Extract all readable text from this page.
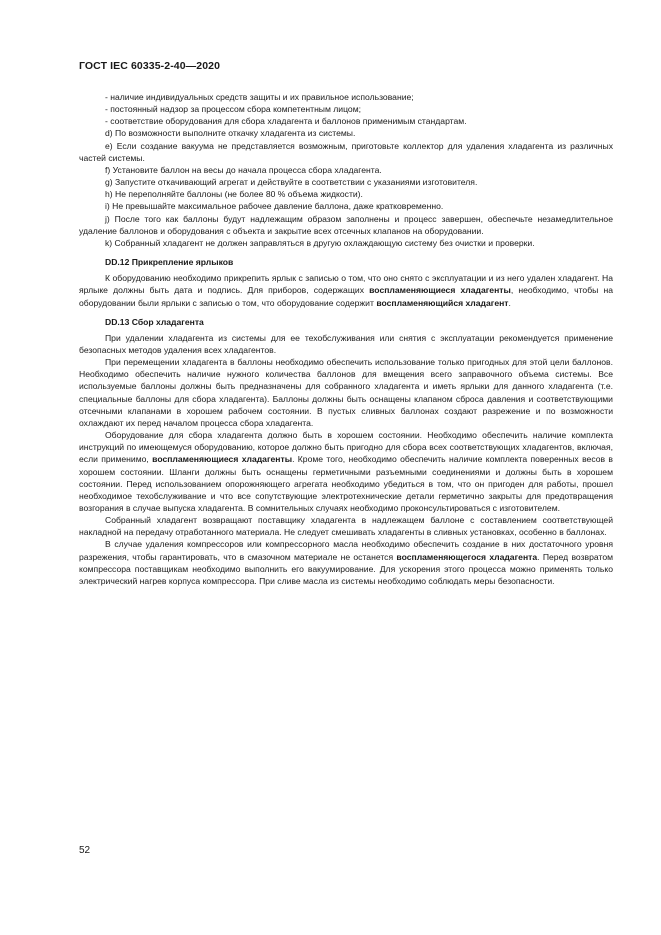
ГОСТ IEC 60335-2-40—2020

- наличие индивидуальных средств защиты и их правильное использование;

- постоянный надзор за процессом сбора компетентным лицом;

- соответствие оборудования для сбора хладагента и баллонов применимым стандартам.

d) По возможности выполните откачку хладагента из системы.

e) Если создание вакуума не представляется возможным, приготовьте коллектор для удаления хладагента из различных частей системы.

f) Установите баллон на весы до начала процесса сбора хладагента.

g) Запустите откачивающий агрегат и действуйте в соответствии с указаниями изготовителя.

h) Не переполняйте баллоны (не более 80 % объема жидкости).

i) Не превышайте максимальное рабочее давление баллона, даже кратковременно.

j) После того как баллоны будут надлежащим образом заполнены и процесс завершен, обеспечьте незамедлительное удаление баллонов и оборудования с объекта и закрытие всех отсечных клапанов на оборудовании.

k) Собранный хладагент не должен заправляться в другую охлаждающую систему без очистки и проверки.

DD.12 Прикрепление ярлыков

К оборудованию необходимо прикрепить ярлык с записью о том, что оно снято с эксплуатации и из него удален хладагент. На ярлыке должны быть дата и подпись. Для приборов, содержащих воспламеняющиеся хладагенты, необходимо, чтобы на оборудовании были ярлыки с записью о том, что оборудование содержит воспламеняющийся хладагент.

DD.13 Сбор хладагента

При удалении хладагента из системы для ее техобслуживания или снятия с эксплуатации рекомендуется применение безопасных методов удаления всех хладагентов.

При перемещении хладагента в баллоны необходимо обеспечить использование только пригодных для этой цели баллонов. Необходимо обеспечить наличие нужного количества баллонов для вмещения всего заправочного объема системы. Все используемые баллоны должны быть предназначены для собранного хладагента и иметь ярлыки для данного хладагента (т.е. специальные баллоны для сбора хладагента). Баллоны должны быть оснащены клапаном сброса давления и соответствующими отсечными клапанами в хорошем рабочем состоянии. В пустых сливных баллонах создают разрежение и по возможности охлаждают их перед началом процесса сбора хладагента.

Оборудование для сбора хладагента должно быть в хорошем состоянии. Необходимо обеспечить наличие комплекта инструкций по имеющемуся оборудованию, которое должно быть пригодно для сбора всех соответствующих хладагентов, включая, если применимо, воспламеняющиеся хладагенты. Кроме того, необходимо обеспечить наличие комплекта поверенных весов в хорошем состоянии. Шланги должны быть оснащены герметичными разъемными соединениями и должны быть в хорошем состоянии. Перед использованием опорожняющего агрегата необходимо убедиться в том, что он пригоден для работы, прошел необходимое техобслуживание и что все сопутствующие электротехнические детали герметично закрыты для предотвращения возгорания в случае выпуска хладагента. В сомнительных случаях необходимо проконсультироваться с изготовителем.

Собранный хладагент возвращают поставщику хладагента в надлежащем баллоне с составлением соответствующей накладной на передачу отработанного материала. Не следует смешивать хладагенты в сливных установках, особенно в баллонах.

В случае удаления компрессоров или компрессорного масла необходимо обеспечить создание в них достаточного уровня разрежения, чтобы гарантировать, что в смазочном материале не останется воспламеняющегося хладагента. Перед возвратом компрессора поставщикам необходимо выполнить его вакуумирование. Для ускорения этого процесса можно применять только электрический нагрев корпуса компрессора. При сливе масла из системы необходимо соблюдать меры безопасности.

52
